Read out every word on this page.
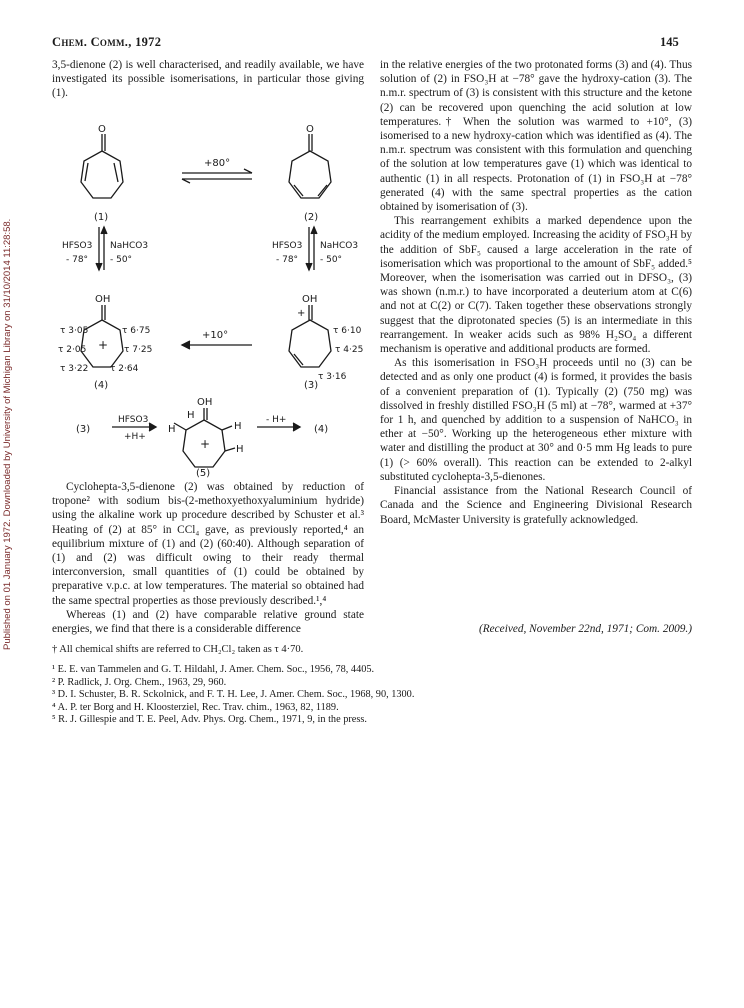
Published on 01 January 1972. Downloaded by University of Michigan Library on 31/10/2014 11:28:58.
Chem. Comm., 1972	145

3,5-dienone (2) is well characterised, and readily available, we have investigated its possible isomerisations, in particular those giving (1).

O	O
+80°
(1)	(2)
HFSO3 NaHCO3
- 78° - 50°
HFSO3 NaHCO3
- 78° - 50°
OH	OH
τ 3·05	τ 6·75
τ 2·05	τ 7·25
τ 3·22 τ 2·64
+
+
τ 6·10
τ 4·25
τ 3·16
+10°
(4)	(3)
OH
H
H	H
H
+
(3)
HFSO3
+H+
- H+
(4)
(5)

Cyclohepta-3,5-dienone (2) was obtained by reduction of tropone² with sodium bis-(2-methoxyethoxyaluminium hydride) using the alkaline work up procedure described by Schuster et al.³ Heating of (2) at 85° in CCl₄ gave, as previously reported,⁴ an equilibrium mixture of (1) and (2) (60:40). Although separation of (1) and (2) was difficult owing to their ready thermal interconversion, small quantities of (1) could be obtained by preparative v.p.c. at low temperatures. The material so obtained had the same spectral properties as those previously described.¹,⁴

Whereas (1) and (2) have comparable relative ground state energies, we find that there is a considerable difference

in the relative energies of the two protonated forms (3) and (4). Thus solution of (2) in FSO₃H at −78° gave the hydroxy-cation (3). The n.m.r. spectrum of (3) is consistent with this structure and the ketone (2) can be recovered upon quenching the acid solution at low temperatures.† When the solution was warmed to +10°, (3) isomerised to a new hydroxy-cation which was identified as (4). The n.m.r. spectrum was consistent with this formulation and quenching of the solution at low temperatures gave (1) which was identical to authentic (1) in all respects. Protonation of (1) in FSO₃H at −78° generated (4) with the same spectral properties as the cation obtained by isomerisation of (3).

This rearrangement exhibits a marked dependence upon the acidity of the medium employed. Increasing the acidity of FSO₃H by the addition of SbF₅ caused a large acceleration in the rate of isomerisation which was proportional to the amount of SbF₅ added.⁵ Moreover, when the isomerisation was carried out in DFSO₃, (3) was shown (n.m.r.) to have incorporated a deuterium atom at C(6) and not at C(2) or C(7). Taken together these observations strongly suggest that the diprotonated species (5) is an intermediate in this rearrangement. In weaker acids such as 98% H₂SO₄ a different mechanism is operative and additional products are formed.

As this isomerisation in FSO₃H proceeds until no (3) can be detected and as only one product (4) is formed, it provides the basis of a convenient preparation of (1). Typically (2) (750 mg) was dissolved in freshly distilled FSO₃H (5 ml) at −78°, warmed at +37° for 1 h, and quenched by addition to a suspension of NaHCO₃ in ether at −50°. Working up the heterogeneous ether mixture with water and distilling the product at 30° and 0·5 mm Hg leads to pure (1) (> 60% overall). This reaction can be extended to 2-alkyl substituted cyclohepta-3,5-dienones.

Financial assistance from the National Research Council of Canada and the Science and Engineering Divisional Research Board, McMaster University is gratefully acknowledged.

(Received, November 22nd, 1971; Com. 2009.)
† All chemical shifts are referred to CH₂Cl₂ taken as τ 4·70.
¹ E. E. van Tammelen and G. T. Hildahl, J. Amer. Chem. Soc., 1956, 78, 4405.
² P. Radlick, J. Org. Chem., 1963, 29, 960.
³ D. I. Schuster, B. R. Sckolnick, and F. T. H. Lee, J. Amer. Chem. Soc., 1968, 90, 1300.
⁴ A. P. ter Borg and H. Kloosterziel, Rec. Trav. chim., 1963, 82, 1189.
⁵ R. J. Gillespie and T. E. Peel, Adv. Phys. Org. Chem., 1971, 9, in the press.
